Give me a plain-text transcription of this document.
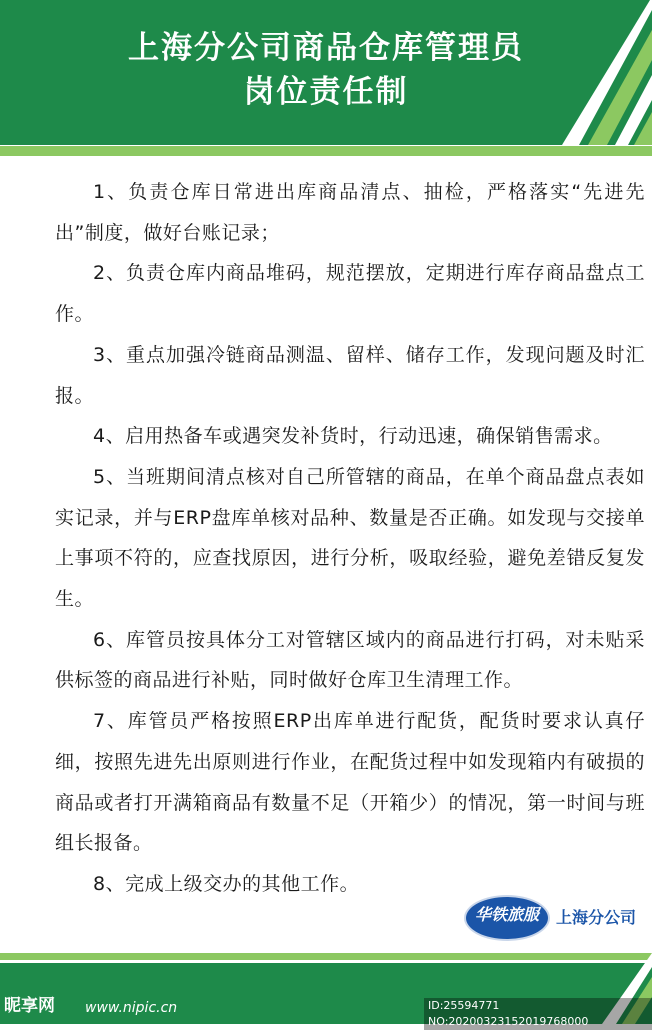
上海分公司商品仓库管理员
岗位责任制

1、负责仓库日常进出库商品清点、抽检，严格落实“先进先出”制度，做好台账记录；

2、负责仓库内商品堆码，规范摆放，定期进行库存商品盘点工作。

3、重点加强冷链商品测温、留样、储存工作，发现问题及时汇报。

4、启用热备车或遇突发补货时，行动迅速，确保销售需求。

5、当班期间清点核对自己所管辖的商品，在单个商品盘点表如实记录，并与ERP盘库单核对品种、数量是否正确。如发现与交接单上事项不符的，应查找原因，进行分析，吸取经验，避免差错反复发生。

6、库管员按具体分工对管辖区域内的商品进行打码，对未贴采供标签的商品进行补贴，同时做好仓库卫生清理工作。

7、库管员严格按照ERP出库单进行配货，配货时要求认真仔细，按照先进先出原则进行作业，在配货过程中如发现箱内有破损的商品或者打开满箱商品有数量不足（开箱少）的情况，第一时间与班组长报备。

8、完成上级交办的其他工作。

华铁旅服	上海分公司
昵享网 www.nipic.cn	ID:25594771 NO:20200323152019768000
